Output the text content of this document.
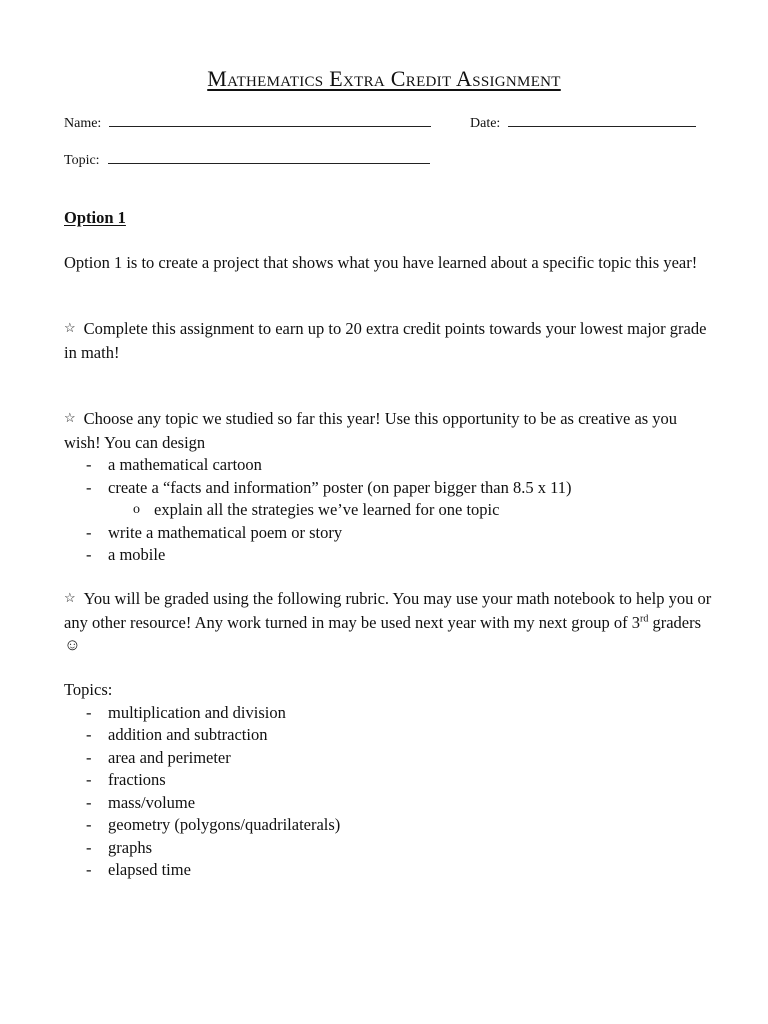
Mathematics Extra Credit Assignment
Name:	Date:
Topic:
Option 1

Option 1 is to create a project that shows what you have learned about a specific topic this year!

☆ Complete this assignment to earn up to 20 extra credit points towards your lowest major grade in math!

☆ Choose any topic we studied so far this year! Use this opportunity to be as creative as you wish! You can design

- a mathematical cartoon
- create a “facts and information” poster (on paper bigger than 8.5 x 11)
o explain all the strategies we’ve learned for one topic
- write a mathematical poem or story
- a mobile

☆ You will be graded using the following rubric. You may use your math notebook to help you or any other resource! Any work turned in may be used next year with my next group of 3rd graders ☺

Topics:

- multiplication and division
- addition and subtraction
- area and perimeter
- fractions
- mass/volume
- geometry (polygons/quadrilaterals)
- graphs
- elapsed time
